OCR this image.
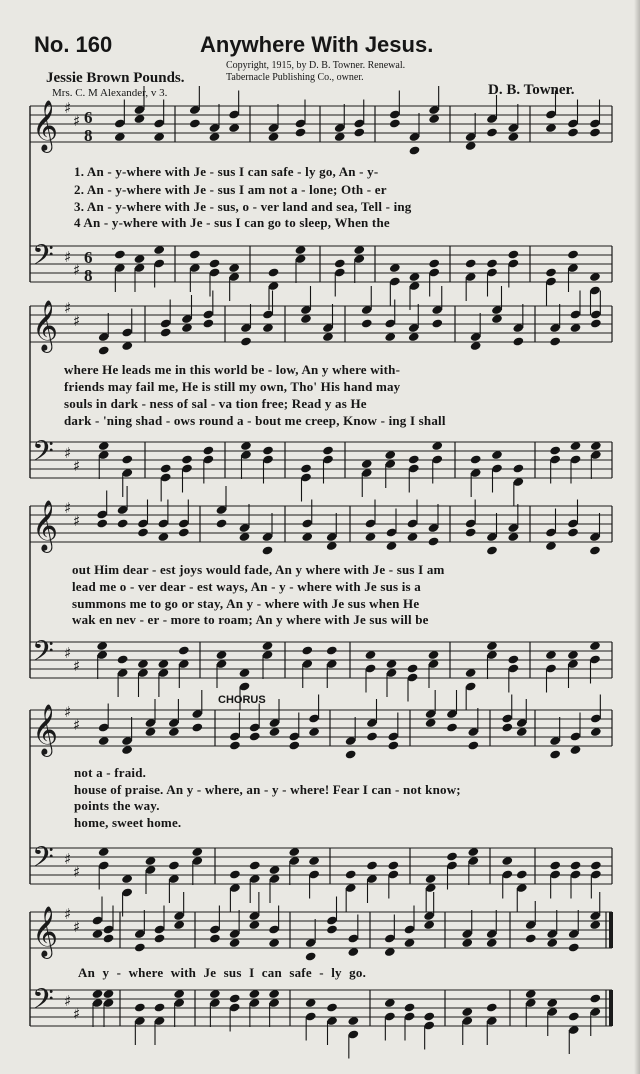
No. 160	Anywhere With Jesus.
Copyright, 1915, by D. B. Towner. Renewal.
Tabernacle Publishing Co., owner.
Jessie Brown Pounds.
Mrs. C. M Alexander, v 3.	D. B. Towner.
CHORUS
𝄞 ♯
♯ 6
8
𝄢 ♯
♯
6
8
𝄞 ♯
♯
𝄢 ♯
♯
𝄞 ♯
♯
𝄢 ♯
♯
𝄞 ♯
♯
𝄢 ♯
♯
𝄞 ♯
♯
𝄢 ♯
♯
1. An - y-where with Je - sus I can safe - ly go, An - y-
2. An - y-where with Je - sus I am not a - lone; Oth - er
3. An - y-where with Je - sus, o - ver land and sea, Tell - ing
4 An - y-where with Je - sus I can go to sleep, When the
where He leads me in this world be - low, An y where with-
friends may fail me, He is still my own, Tho' His hand may
souls in dark - ness of sal - va tion free; Read y as He
dark - 'ning shad - ows round a - bout me creep, Know - ing I shall
out Him dear - est joys would fade, An y where with Je - sus I am
lead me o - ver dear - est ways, An - y - where with Je sus is a
summons me to go or stay, An y - where with Je sus when He
wak en nev - er - more to roam; An y where with Je sus will be
not a - fraid.
house of praise. An y - where, an - y - where! Fear I can - not know;
points the way.
home, sweet home.
An y - where with Je sus I can safe - ly go.
